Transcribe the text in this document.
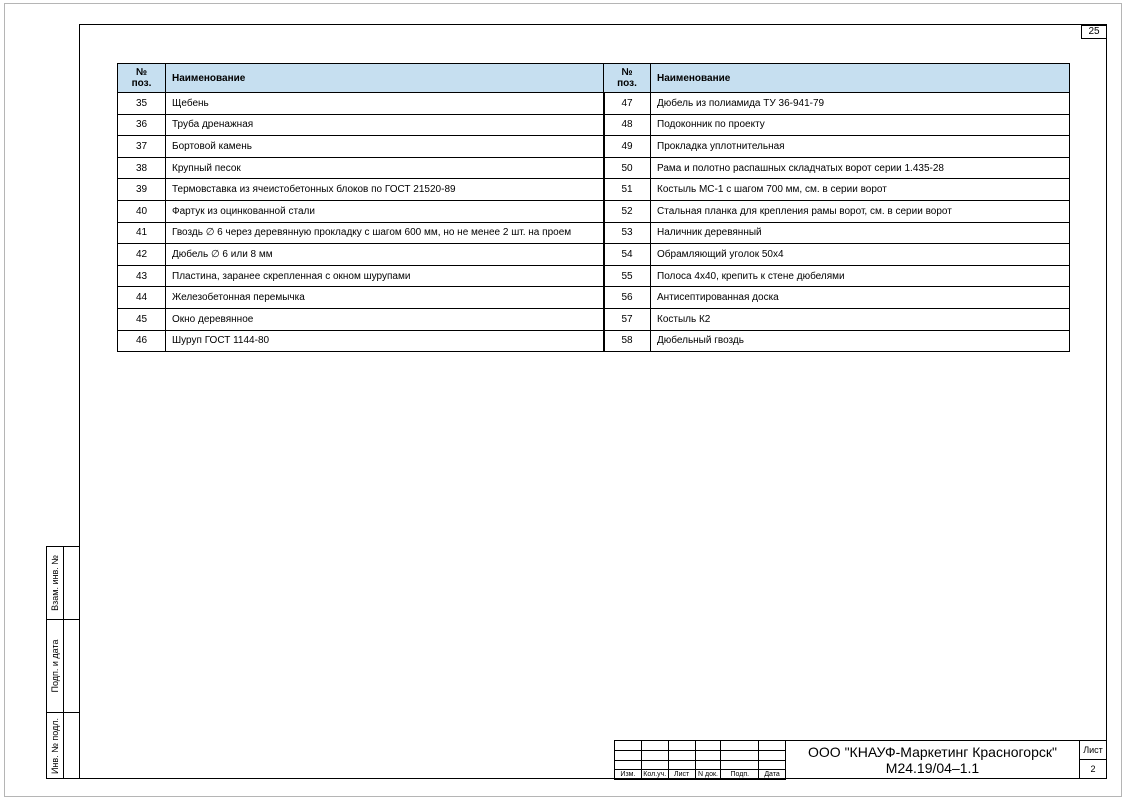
25
№
поз.	Наименование
35	Щебень
36	Труба дренажная
37	Бортовой камень
38	Крупный песок
39	Термовставка из ячеистобетонных блоков по ГОСТ 21520-89
40	Фартук из оцинкованной стали
41	Гвоздь ∅ 6 через деревянную прокладку с шагом 600 мм, но не менее 2 шт. на проем
42	Дюбель ∅ 6 или 8 мм
43	Пластина, заранее скрепленная с окном шурупами
44	Железобетонная перемычка
45	Окно деревянное
46	Шуруп ГОСТ 1144-80
№
поз.	Наименование
47	Дюбель из полиамида ТУ 36-941-79
48	Подоконник по проекту
49	Прокладка уплотнительная
50	Рама и полотно распашных складчатых ворот серии 1.435-28
51	Костыль МС-1 с шагом 700 мм, см. в серии ворот
52	Стальная планка для крепления рамы ворот, см. в серии ворот
53	Наличник деревянный
54	Обрамляющий уголок 50х4
55	Полоса 4х40, крепить к стене дюбелями
56	Антисептированная доска
57	Костыль К2
58	Дюбельный гвоздь
Взам. инв. №
Подп. и дата
Инв. № подл.

Изм.	Кол.уч.	Лист	N док.	Подп.	Дата
ООО "КНАУФ-Маркетинг Красногорск"
М24.19/04–1.1
Лист
2
